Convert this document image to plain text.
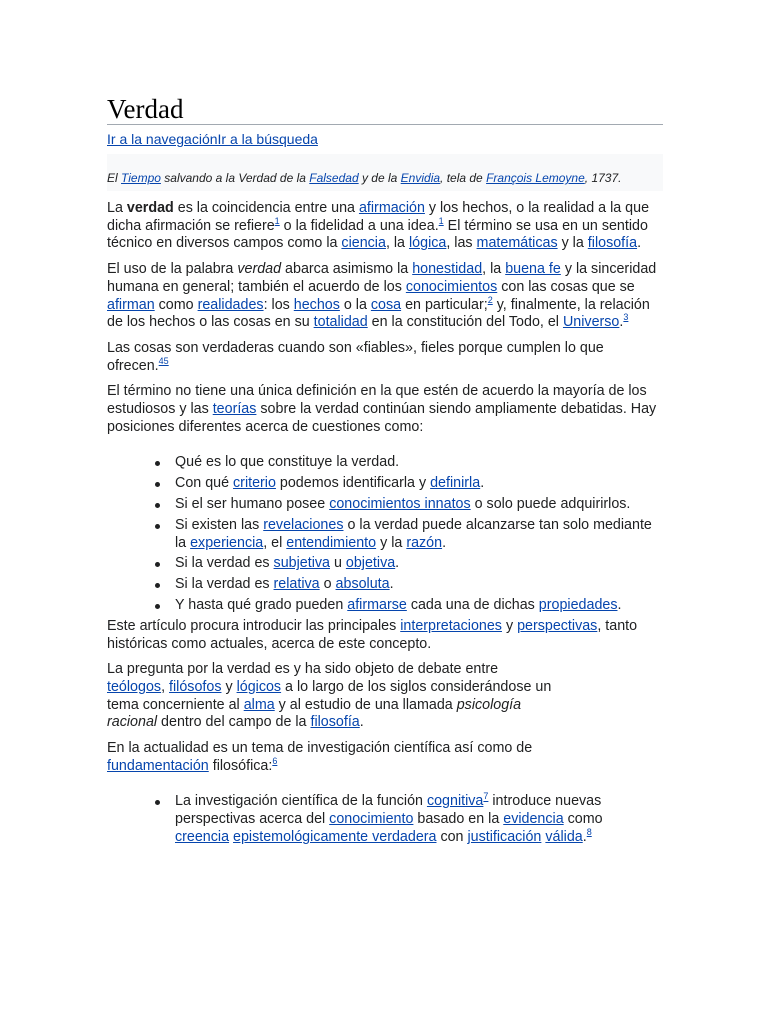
Verdad
Ir a la navegaciónIr a la búsqueda
El Tiempo salvando a la Verdad de la Falsedad y de la Envidia, tela de François Lemoyne, 1737.

La verdad es la coincidencia entre una afirmación y los hechos, o la realidad a la que dicha afirmación se refiere$^1$ o la fidelidad a una idea.$^1$ El término se usa en un sentido técnico en diversos campos como la ciencia, la lógica, las matemáticas y la filosofía.

El uso de la palabra verdad abarca asimismo la honestidad, la buena fe y la sinceridad humana en general; también el acuerdo de los conocimientos con las cosas que se afirman como realidades: los hechos o la cosa en particular;$^2$ y, finalmente, la relación de los hechos o las cosas en su totalidad en la constitución del Todo, el Universo.$^3$

Las cosas son verdaderas cuando son «fiables», fieles porque cumplen lo que ofrecen.$^{45}$

El término no tiene una única definición en la que estén de acuerdo la mayoría de los estudiosos y las teorías sobre la verdad continúan siendo ampliamente debatidas. Hay posiciones diferentes acerca de cuestiones como:

Qué es lo que constituye la verdad.
Con qué criterio podemos identificarla y definirla.
Si el ser humano posee conocimientos innatos o solo puede adquirirlos.
Si existen las revelaciones o la verdad puede alcanzarse tan solo mediante la experiencia, el entendimiento y la razón.
Si la verdad es subjetiva u objetiva.
Si la verdad es relativa o absoluta.
Y hasta qué grado pueden afirmarse cada una de dichas propiedades.

Este artículo procura introducir las principales interpretaciones y perspectivas, tanto históricas como actuales, acerca de este concepto.

La pregunta por la verdad es y ha sido objeto de debate entre teólogos, filósofos y lógicos a lo largo de los siglos considerándose un tema concerniente al alma y al estudio de una llamada psicología racional dentro del campo de la filosofía.

En la actualidad es un tema de investigación científica así como de fundamentación filosófica:$^6$

La investigación científica de la función cognitiva$^7$ introduce nuevas perspectivas acerca del conocimiento basado en la evidencia como creencia epistemológicamente verdadera con justificación válida.$^8$
